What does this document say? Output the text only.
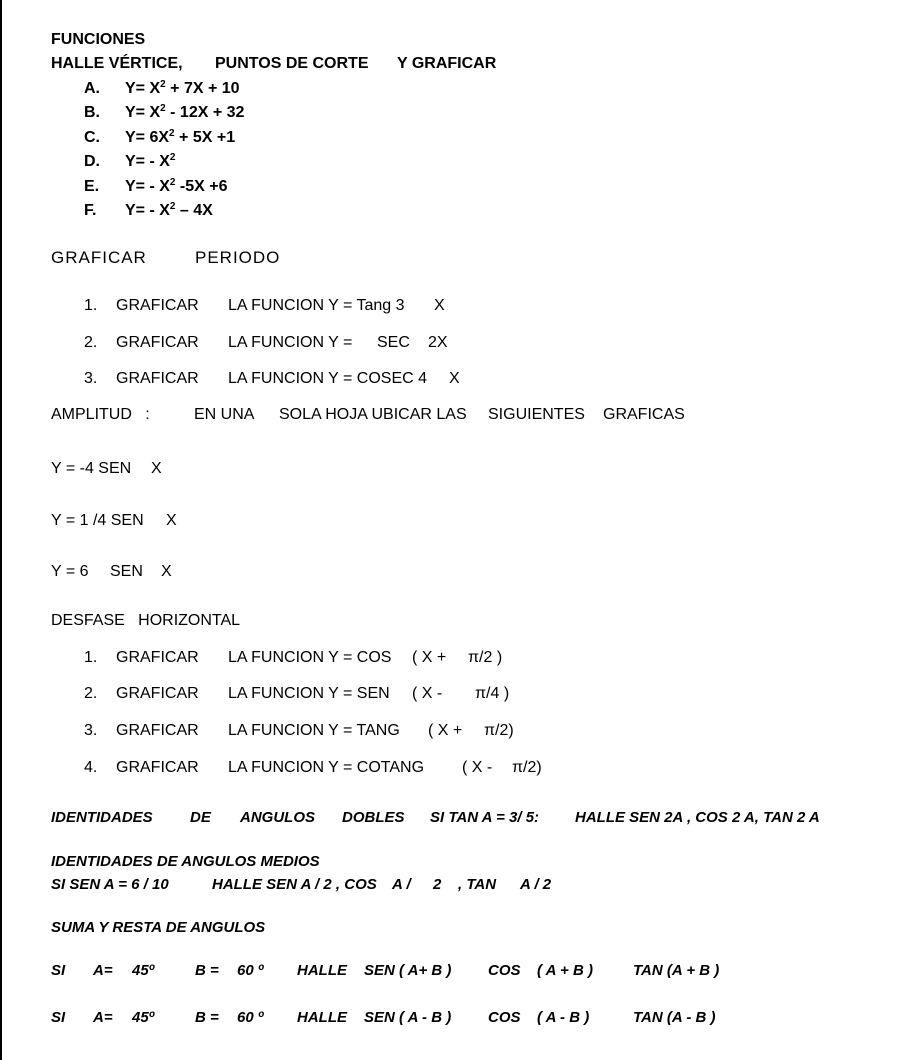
FUNCIONES
HALLE VÉRTICE, PUNTOS DE CORTE Y GRAFICAR
A. $Y= X^2 + 7X + 10$
B. $Y= X^2 - 12X + 32$
C. $Y= 6X^2 + 5X +1$
D. $Y= - X^2$
E. $Y= - X^2$ -5X +6
F. $Y= - X^2 - 4X$
GRAFICAR	PERIODO
1. GRAFICAR LA FUNCION Y = Tang 3 X
2. GRAFICAR LA FUNCION Y = SEC 2X
3. GRAFICAR LA FUNCION Y = COSEC 4 X
AMPLITUD   :	EN UNA SOLA HOJA UBICAR LAS SIGUIENTES GRAFICAS
Y = -4 SEN X
Y = 1 /4 SEN X
Y = 6 SEN X
DESFASE   HORIZONTAL
1. GRAFICAR LA FUNCION Y = COS ( X + π/2 )
2. GRAFICAR LA FUNCION Y = SEN ( X - π/4 )
3. GRAFICAR LA FUNCION Y = TANG ( X + π/2)
4. GRAFICAR LA FUNCION Y = COTANG ( X - π/2)
IDENTIDADES DE ANGULOS DOBLES SI TAN A = 3/ 5: HALLE SEN 2A , COS 2 A, TAN 2 A
IDENTIDADES DE ANGULOS MEDIOS
SI SEN A = 6 / 10	HALLE SEN A / 2 , COS A / 2 , TAN A / 2
SUMA Y RESTA DE ANGULOS
SI A= 45º	B = 60 º HALLE SEN ( A+ B ) COS ( A + B )	TAN (A + B )
SI A= 45º	B = 60 º HALLE SEN ( A - B ) COS ( A - B )	TAN (A - B )
